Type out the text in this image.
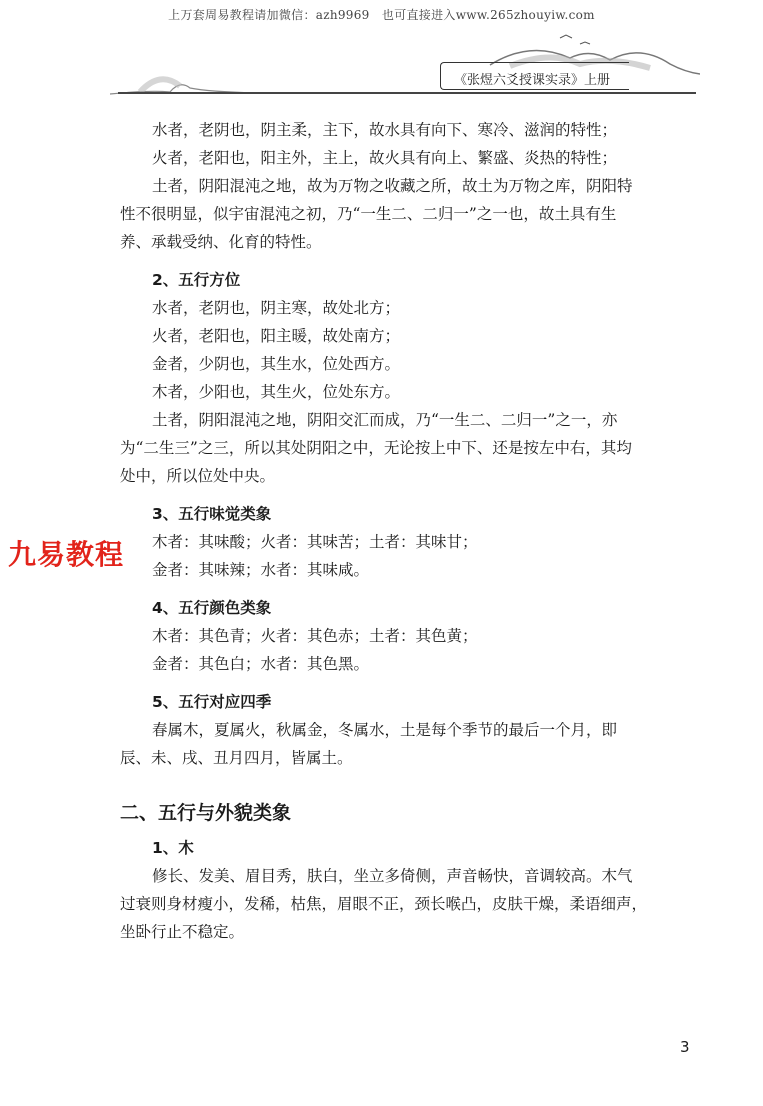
上万套周易教程请加微信：azh9969　也可直接进入www.265zhouyiw.com
《张煜六爻授课实录》上册
九易教程

水者，老阴也，阴主柔，主下，故水具有向下、寒冷、滋润的特性；

火者，老阳也，阳主外，主上，故火具有向上、繁盛、炎热的特性；

土者，阴阳混沌之地，故为万物之收藏之所，故土为万物之库，阴阳特

性不很明显，似宇宙混沌之初，乃“一生二、二归一”之一也，故土具有生

养、承载受纳、化育的特性。

2、五行方位

水者，老阴也，阴主寒，故处北方；

火者，老阳也，阳主暖，故处南方；

金者，少阴也，其生水，位处西方。

木者，少阳也，其生火，位处东方。

土者，阴阳混沌之地，阴阳交汇而成，乃“一生二、二归一”之一，亦

为“二生三”之三，所以其处阴阳之中，无论按上中下、还是按左中右，其均

处中，所以位处中央。

3、五行味觉类象

木者：其味酸；火者：其味苦；土者：其味甘；

金者：其味辣；水者：其味咸。

4、五行颜色类象

木者：其色青；火者：其色赤；土者：其色黄；

金者：其色白；水者：其色黑。

5、五行对应四季

春属木，夏属火，秋属金，冬属水，土是每个季节的最后一个月，即

辰、未、戌、丑月四月，皆属土。

二、五行与外貌类象

1、木

修长、发美、眉目秀，肤白，坐立多倚侧，声音畅快，音调较高。木气

过衰则身材瘦小，发稀，枯焦，眉眼不正，颈长喉凸，皮肤干燥，柔语细声，

坐卧行止不稳定。

3
